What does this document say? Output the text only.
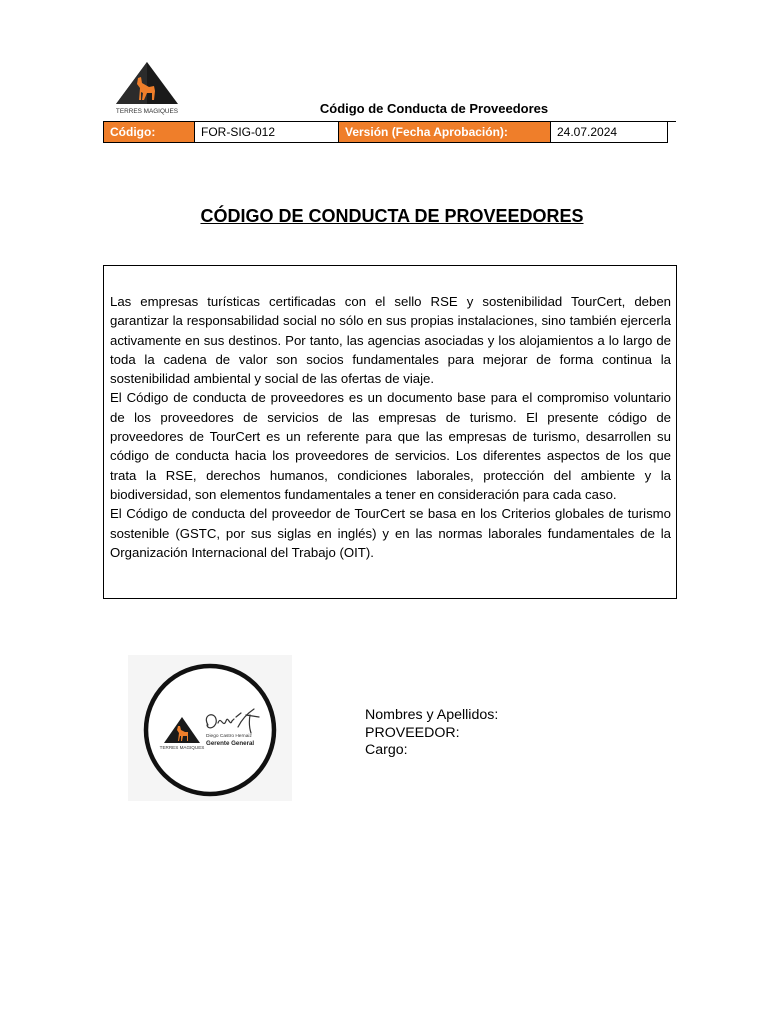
TERRES MAGIQUES	Código de Conducta de Proveedores
Código:	FOR-SIG-012	Versión (Fecha Aprobación):	24.07.2024	
CÓDIGO DE CONDUCTA DE PROVEEDORES

Las empresas turísticas certificadas con el sello RSE y sostenibilidad TourCert, deben garantizar la responsabilidad social no sólo en sus propias instalaciones, sino también ejercerla activamente en sus destinos. Por tanto, las agencias asociadas y los alojamientos a lo largo de toda la cadena de valor son socios fundamentales para mejorar de forma continua la sostenibilidad ambiental y social de las ofertas de viaje.

El Código de conducta de proveedores es un documento base para el compromiso voluntario de los proveedores de servicios de las empresas de turismo. El presente código de proveedores de TourCert es un referente para que las empresas de turismo, desarrollen su código de conducta hacia los proveedores de servicios. Los diferentes aspectos de los que trata la RSE, derechos humanos, condiciones laborales, protección del ambiente y la biodiversidad, son elementos fundamentales a tener en consideración para cada caso.

El Código de conducta del proveedor de TourCert se basa en los Criterios globales de turismo sostenible (GSTC, por sus siglas en inglés) y en las normas laborales fundamentales de la Organización Internacional del Trabajo (OIT).

TERRES MAGIQUES
Diego Castro Hernaiz
Gerente General
Nombres y Apellidos:
PROVEEDOR:
Cargo:
